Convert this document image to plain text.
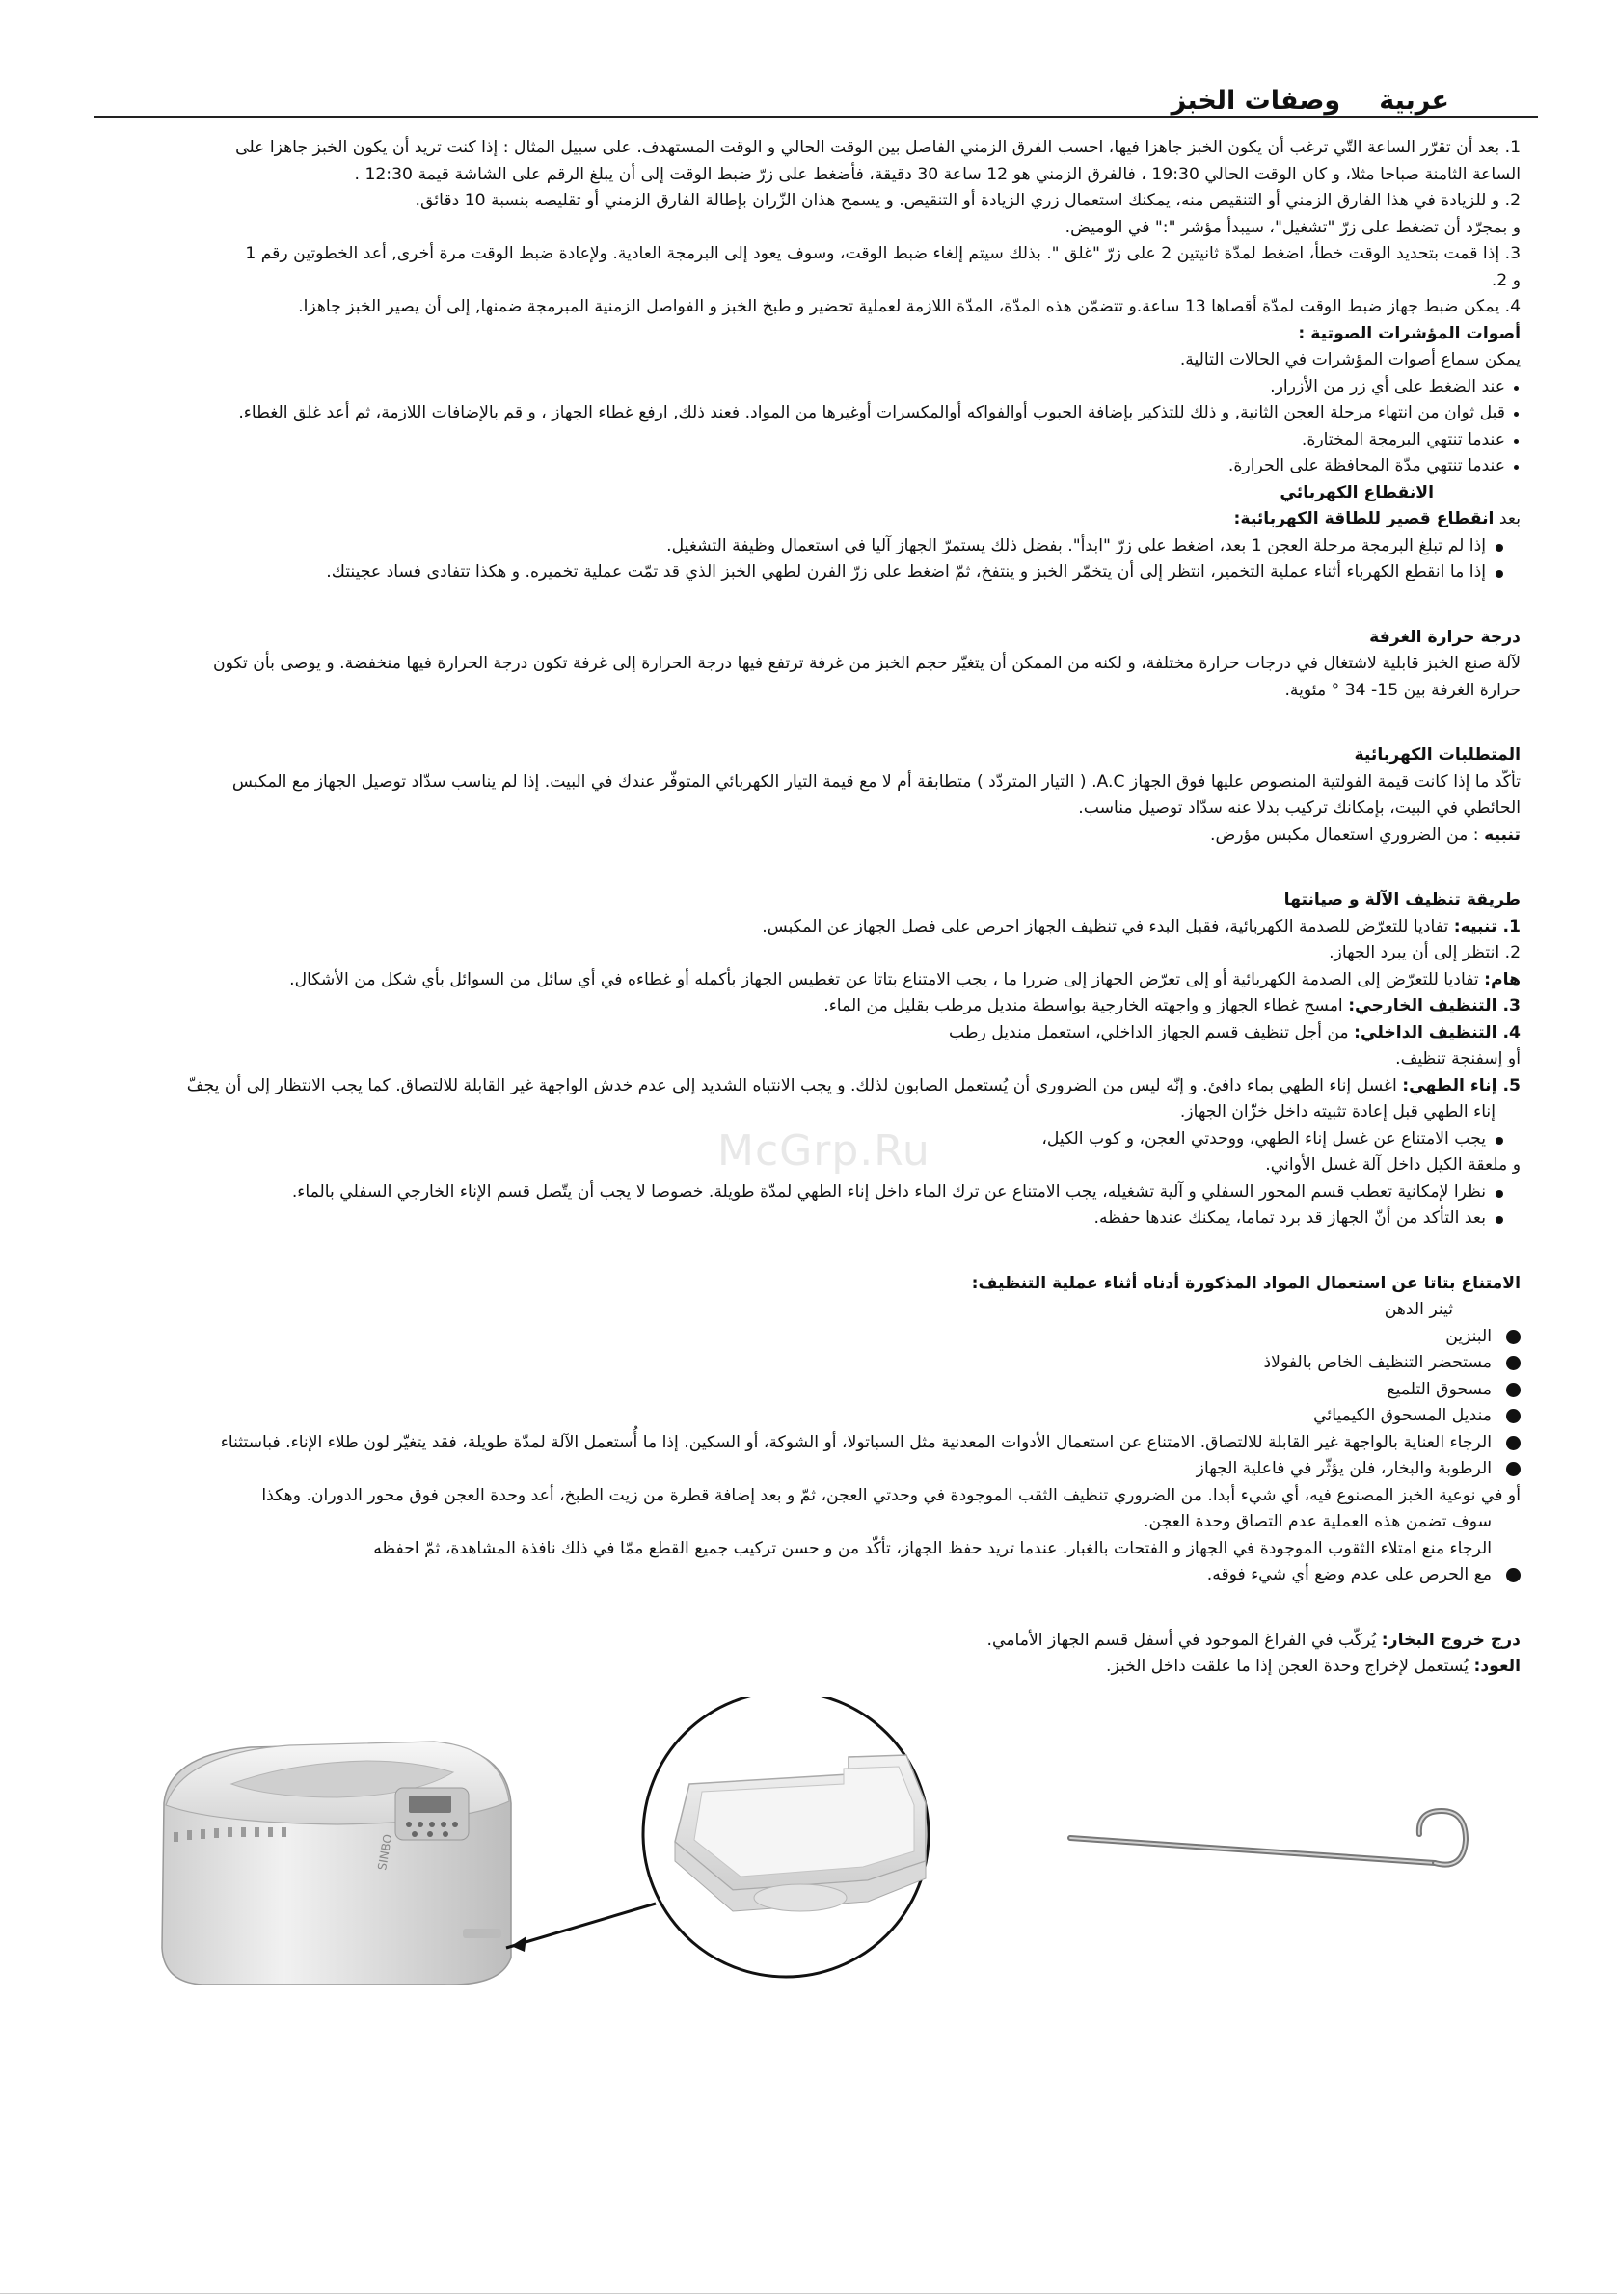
عربية
وصفات الخبز

1. بعد أن تقرّر الساعة التّي ترغب أن يكون الخبز جاهزا فيها، احسب الفرق الزمني الفاصل بين الوقت الحالي و الوقت المستهدف. على سبيل المثال : إذا كنت تريد أن يكون الخبز جاهزا على

الساعة الثامنة صباحا مثلا، و كان الوقت الحالي 19:30 ، فالفرق الزمني هو 12 ساعة 30 دقيقة، فأضغط على زرّ ضبط الوقت إلى أن يبلغ الرقم على الشاشة قيمة 12:30 .

2. و للزيادة في هذا الفارق الزمني أو التنقيص منه، يمكنك استعمال زري الزيادة أو التنقيص. و يسمح هذان الزّران بإطالة الفارق الزمني أو تقليصه بنسبة 10 دقائق.

و بمجرّد أن تضغط على زرّ "تشغيل"، سيبدأ مؤشر ":" في الوميض.

3. إذا قمت بتحديد الوقت خطأ، اضغط لمدّة ثانيتين 2 على زرّ "غلق ". بذلك سيتم إلغاء ضبط الوقت، وسوف يعود إلى البرمجة العادية. ولإعادة ضبط الوقت مرة أخرى, أعد الخطوتين رقم 1

و 2.

4. يمكن ضبط جهاز ضبط الوقت لمدّة أقصاها 13 ساعة.و تتضمّن هذه المدّة، المدّة اللازمة لعملية تحضير و طبخ الخبز و الفواصل الزمنية المبرمجة ضمنها, إلى أن يصير الخبز جاهزا.

أصوات المؤشرات الصوتية :

يمكن سماع أصوات المؤشرات في الحالات التالية.

عند الضغط على أي زر من الأزرار.

قبل ثوان من انتهاء مرحلة العجن الثانية, و ذلك للتذكير بإضافة الحبوب أوالفواكه أوالمكسرات أوغيرها من المواد. فعند ذلك, ارفع غطاء الجهاز ، و قم بالإضافات اللازمة، ثم أعد غلق الغطاء.

عندما تنتهي البرمجة المختارة.

عندما تنتهي مدّة المحافظة على الحرارة.

الانقطاع الكهربائي

بعد انقطاع قصير للطاقة الكهربائية:

إذا لم تبلغ البرمجة مرحلة العجن 1 بعد، اضغط على زرّ "ابدأ". بفضل ذلك يستمرّ الجهاز آليا في استعمال وظيفة التشغيل.
إذا ما انقطع الكهرباء أثناء عملية التخمير، انتظر إلى أن يتخمّر الخبز و ينتفخ، ثمّ اضغط على زرّ الفرن لطهي الخبز الذي قد تمّت عملية تخميره. و هكذا تتفادى فساد عجينتك.

درجة حرارة الغرفة

لآلة صنع الخبز قابلية لاشتغال في درجات حرارة مختلفة، و لكنه من الممكن أن يتغيّر حجم الخبز من غرفة ترتفع فيها درجة الحرارة إلى غرفة تكون درجة الحرارة فيها منخفضة. و يوصى بأن تكون

حرارة الغرفة بين 15- 34 ° مئوية.

المتطلبات الكهربائية

تأكّد ما إذا كانت قيمة الفولتية المنصوص عليها فوق الجهاز A.C. ( التيار المتردّد ) متطابقة أم لا مع قيمة التيار الكهربائي المتوفّر عندك في البيت. إذا لم يناسب سدّاد توصيل الجهاز مع المكبس

الحائطي في البيت، بإمكانك تركيب بدلا عنه سدّاد توصيل مناسب.

تنبيه : من الضروري استعمال مكبس مؤرض.

طريقة تنظيف الآلة و صيانتها

1. تنبيه: تفاديا للتعرّض للصدمة الكهربائية، فقبل البدء في تنظيف الجهاز احرص على فصل الجهاز عن المكبس.

2. انتظر إلى أن يبرد الجهاز.

هام: تفاديا للتعرّض إلى الصدمة الكهربائية أو إلى تعرّض الجهاز إلى ضررا ما ، يجب الامتناع بتاتا عن تغطيس الجهاز بأكمله أو غطاءه في أي سائل من السوائل بأي شكل من الأشكال.

3. التنظيف الخارجي: امسح غطاء الجهاز و واجهته الخارجية بواسطة منديل مرطب بقليل من الماء.

4. التنظيف الداخلي: من أجل تنظيف قسم الجهاز الداخلي، استعمل منديل رطب

أو إسفنجة تنظيف.

5. إناء الطهي: اغسل إناء الطهي بماء دافئ. و إنّه ليس من الضروري أن يُستعمل الصابون لذلك. و يجب الانتباه الشديد إلى عدم خدش الواجهة غير القابلة للالتصاق. كما يجب الانتظار إلى أن يجفّ

إناء الطهي قبل إعادة تثبيته داخل خزّان الجهاز.

يجب الامتناع عن غسل إناء الطهي، ووحدتي العجن، و كوب الكيل،

و ملعقة الكيل داخل آلة غسل الأواني.

نظرا لإمكانية تعطب قسم المحور السفلي و آلية تشغيله، يجب الامتناع عن ترك الماء داخل إناء الطهي لمدّة طويلة. خصوصا لا يجب أن يتّصل قسم الإناء الخارجي السفلي بالماء.
بعد التأكد من أنّ الجهاز قد برد تماما، يمكنك عندها حفظه.

الامتناع بتاتا عن استعمال المواد المذكورة أدناه أثناء عملية التنظيف:

ثينر الدهن

البنزين
مستحضر التنظيف الخاص بالفولاذ
مسحوق التلميع
منديل المسحوق الكيميائي
الرجاء العناية بالواجهة غير القابلة للالتصاق. الامتناع عن استعمال الأدوات المعدنية مثل السباتولا، أو الشوكة، أو السكين. إذا ما أُستعمل الآلة لمدّة طويلة، فقد يتغيّر لون طلاء الإناء. فباستثناء
الرطوبة والبخار، فلن يؤثّر في فاعلية الجهاز

أو في نوعية الخبز المصنوع فيه، أي شيء أبدا. من الضروري تنظيف الثقب الموجودة في وحدتي العجن، ثمّ و بعد إضافة قطرة من زيت الطبخ، أعد وحدة العجن فوق محور الدوران. وهكذا

سوف تضمن هذه العملية عدم التصاق وحدة العجن.

الرجاء منع امتلاء الثقوب الموجودة في الجهاز و الفتحات بالغبار. عندما تريد حفظ الجهاز، تأكّد من و حسن تركيب جميع القطع ممّا في ذلك نافذة المشاهدة، ثمّ احفظه

مع الحرص على عدم وضع أي شيء فوقه.

درج خروج البخار: يُركّب في الفراغ الموجود في أسفل قسم الجهاز الأمامي.

العود: يُستعمل لإخراج وحدة العجن إذا ما علقت داخل الخبز.

McGrp.Ru
SINBO
